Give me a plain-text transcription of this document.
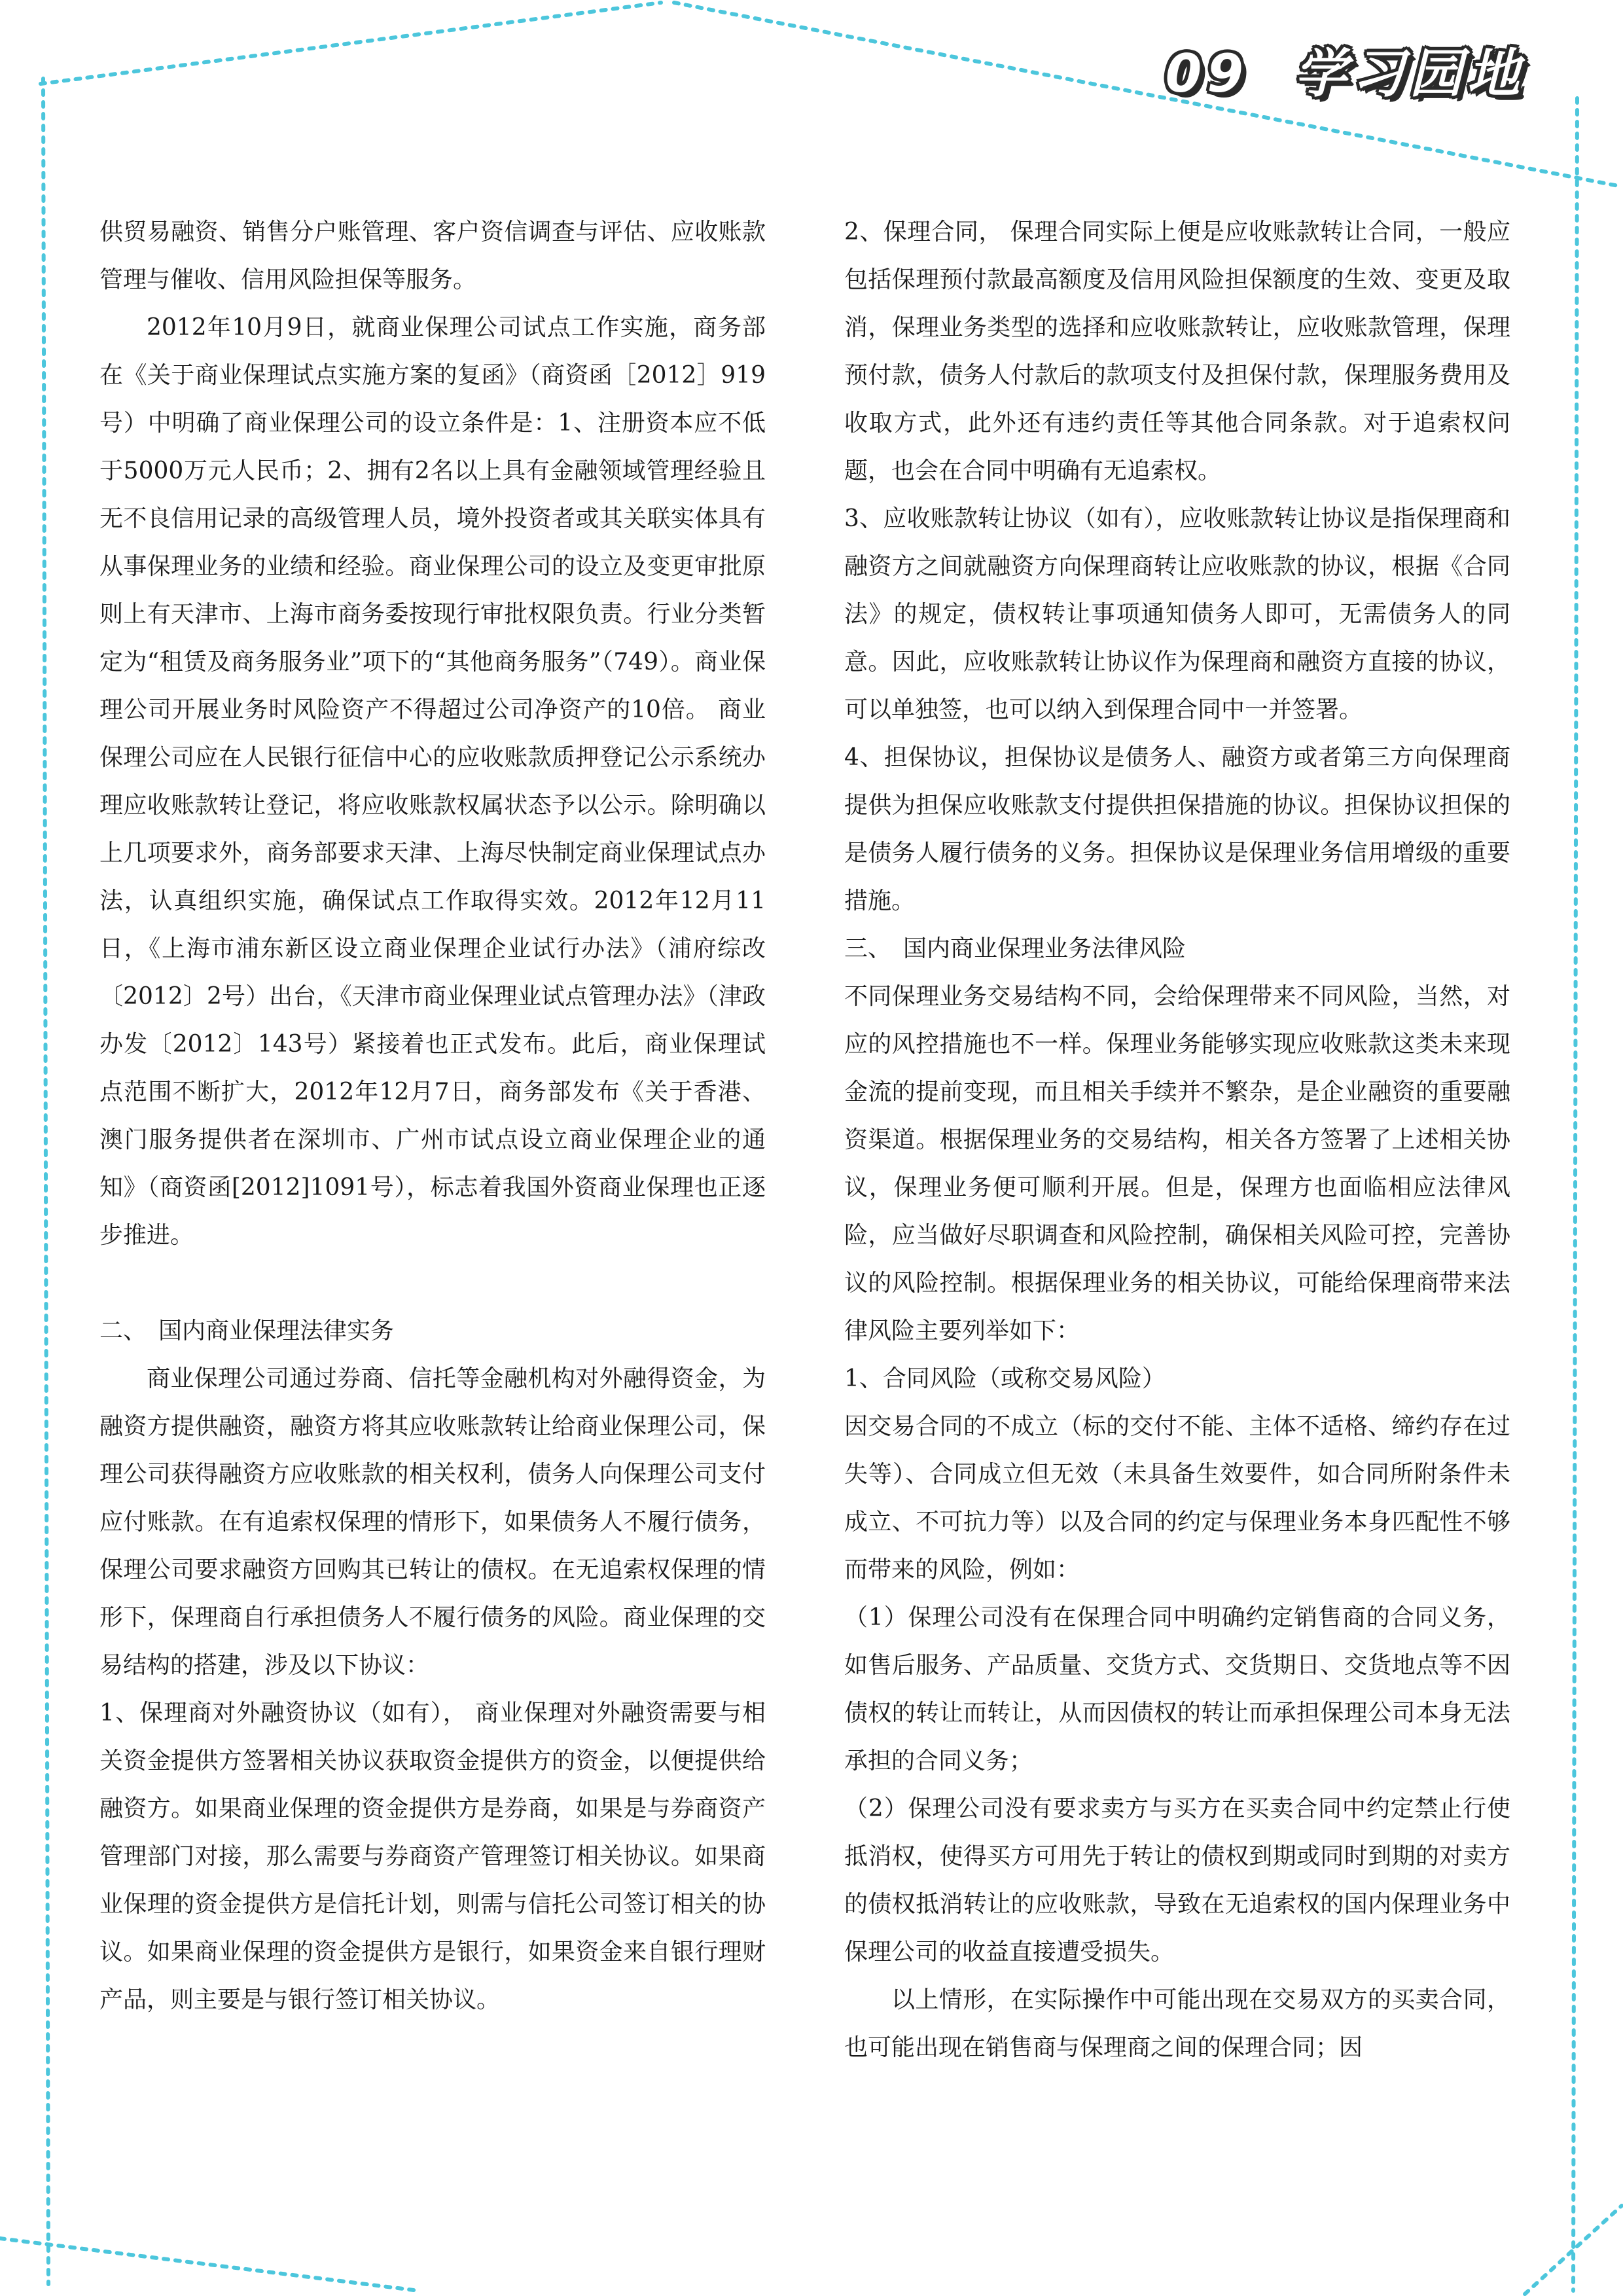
09 学习园地

供贸易融资、销售分户账管理、客户资信调查与评估、应收账款管理与催收、信用风险担保等服务。

2012年10月9日，就商业保理公司试点工作实施，商务部在《关于商业保理试点实施方案的复函》（商资函［2012］919号）中明确了商业保理公司的设立条件是：1、注册资本应不低于5000万元人民币；2、拥有2名以上具有金融领域管理经验且无不良信用记录的高级管理人员，境外投资者或其关联实体具有从事保理业务的业绩和经验。商业保理公司的设立及变更审批原则上有天津市、上海市商务委按现行审批权限负责。行业分类暂定为“租赁及商务服务业”项下的“其他商务服务”（749）。商业保理公司开展业务时风险资产不得超过公司净资产的10倍。 商业保理公司应在人民银行征信中心的应收账款质押登记公示系统办理应收账款转让登记，将应收账款权属状态予以公示。除明确以上几项要求外，商务部要求天津、上海尽快制定商业保理试点办法，认真组织实施，确保试点工作取得实效。2012年12月11日，《上海市浦东新区设立商业保理企业试行办法》（浦府综改〔2012〕2号）出台，《天津市商业保理业试点管理办法》（津政办发〔2012〕143号）紧接着也正式发布。此后，商业保理试点范围不断扩大，2012年12月7日，商务部发布《关于香港、澳门服务提供者在深圳市、广州市试点设立商业保理企业的通知》（商资函[2012]1091号），标志着我国外资商业保理也正逐步推进。

二、　国内商业保理法律实务

商业保理公司通过券商、信托等金融机构对外融得资金，为融资方提供融资，融资方将其应收账款转让给商业保理公司，保理公司获得融资方应收账款的相关权利，债务人向保理公司支付应付账款。在有追索权保理的情形下，如果债务人不履行债务，保理公司要求融资方回购其已转让的债权。在无追索权保理的情形下，保理商自行承担债务人不履行债务的风险。商业保理的交易结构的搭建，涉及以下协议：

1、保理商对外融资协议（如有）， 商业保理对外融资需要与相关资金提供方签署相关协议获取资金提供方的资金，以便提供给融资方。如果商业保理的资金提供方是券商，如果是与券商资产管理部门对接，那么需要与券商资产管理签订相关协议。如果商业保理的资金提供方是信托计划，则需与信托公司签订相关的协议。如果商业保理的资金提供方是银行，如果资金来自银行理财产品，则主要是与银行签订相关协议。

2、保理合同， 保理合同实际上便是应收账款转让合同，一般应包括保理预付款最高额度及信用风险担保额度的生效、变更及取消，保理业务类型的选择和应收账款转让，应收账款管理，保理预付款，债务人付款后的款项支付及担保付款，保理服务费用及收取方式，此外还有违约责任等其他合同条款。对于追索权问题，也会在合同中明确有无追索权。

3、应收账款转让协议（如有），应收账款转让协议是指保理商和融资方之间就融资方向保理商转让应收账款的协议，根据《合同法》的规定，债权转让事项通知债务人即可，无需债务人的同意。因此，应收账款转让协议作为保理商和融资方直接的协议，可以单独签，也可以纳入到保理合同中一并签署。

4、担保协议，担保协议是债务人、融资方或者第三方向保理商提供为担保应收账款支付提供担保措施的协议。担保协议担保的是债务人履行债务的义务。担保协议是保理业务信用增级的重要措施。

三、　国内商业保理业务法律风险

不同保理业务交易结构不同，会给保理带来不同风险，当然，对应的风控措施也不一样。保理业务能够实现应收账款这类未来现金流的提前变现，而且相关手续并不繁杂，是企业融资的重要融资渠道。根据保理业务的交易结构，相关各方签署了上述相关协议，保理业务便可顺利开展。但是，保理方也面临相应法律风险，应当做好尽职调查和风险控制，确保相关风险可控，完善协议的风险控制。根据保理业务的相关协议，可能给保理商带来法律风险主要列举如下：

1、合同风险（或称交易风险）

因交易合同的不成立（标的交付不能、主体不适格、缔约存在过失等）、合同成立但无效（未具备生效要件，如合同所附条件未成立、不可抗力等）以及合同的约定与保理业务本身匹配性不够而带来的风险，例如：

（1）保理公司没有在保理合同中明确约定销售商的合同义务，如售后服务、产品质量、交货方式、交货期日、交货地点等不因债权的转让而转让，从而因债权的转让而承担保理公司本身无法承担的合同义务；

（2）保理公司没有要求卖方与买方在买卖合同中约定禁止行使抵消权，使得买方可用先于转让的债权到期或同时到期的对卖方的债权抵消转让的应收账款，导致在无追索权的国内保理业务中保理公司的收益直接遭受损失。

以上情形，在实际操作中可能出现在交易双方的买卖合同，也可能出现在销售商与保理商之间的保理合同；因
